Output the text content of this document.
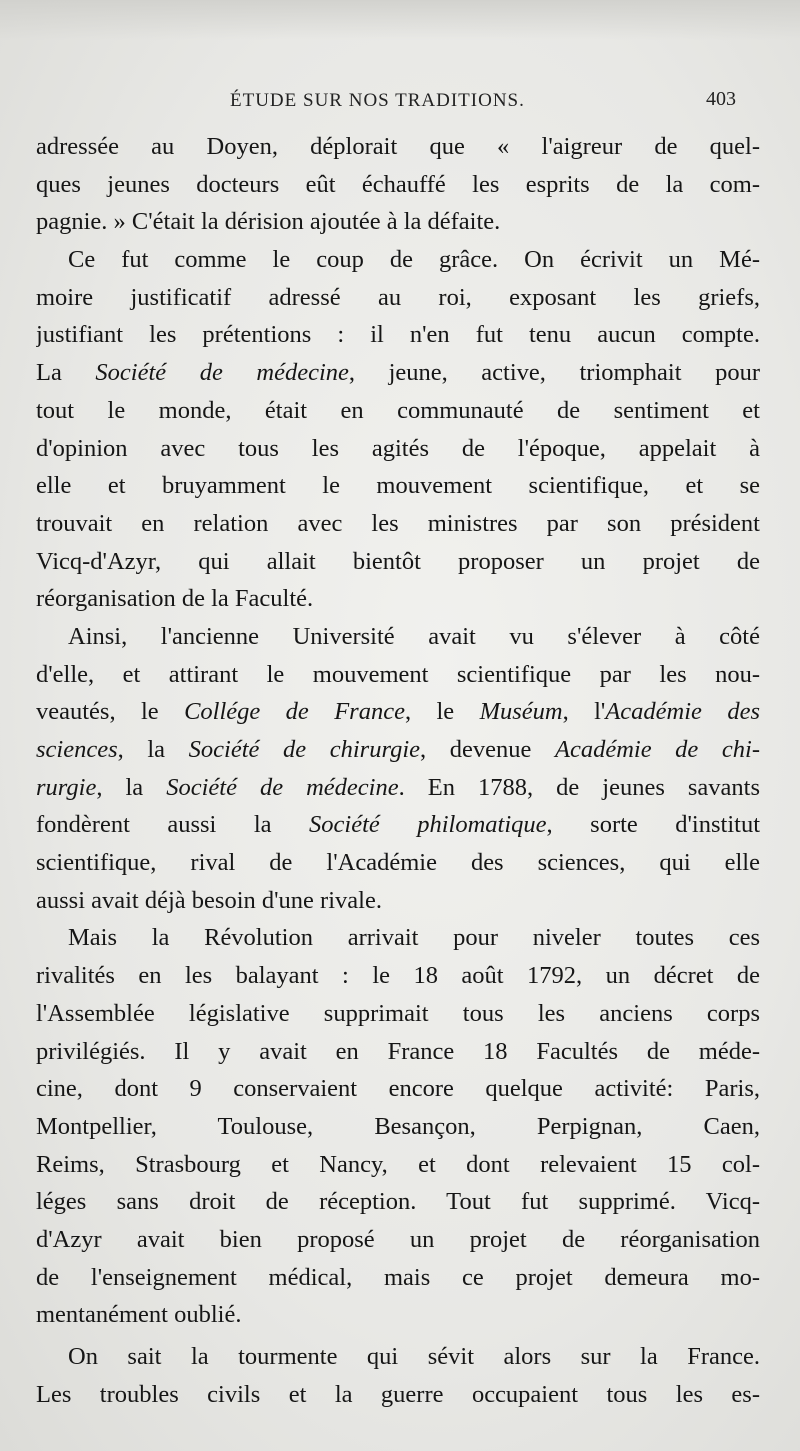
ÉTUDE SUR NOS TRADITIONS.	403
adressée au Doyen, déplorait que « l'aigreur de quel-
ques jeunes docteurs eût échauffé les esprits de la com-
pagnie. » C'était la dérision ajoutée à la défaite.
Ce fut comme le coup de grâce. On écrivit un Mé-
moire justificatif adressé au roi, exposant les griefs,
justifiant les prétentions : il n'en fut tenu aucun compte.
La Société de médecine, jeune, active, triomphait pour
tout le monde, était en communauté de sentiment et
d'opinion avec tous les agités de l'époque, appelait à
elle et bruyamment le mouvement scientifique, et se
trouvait en relation avec les ministres par son président
Vicq-d'Azyr, qui allait bientôt proposer un projet de
réorganisation de la Faculté.
Ainsi, l'ancienne Université avait vu s'élever à côté
d'elle, et attirant le mouvement scientifique par les nou-
veautés, le Collége de France, le Muséum, l'Académie des
sciences, la Société de chirurgie, devenue Académie de chi-
rurgie, la Société de médecine. En 1788, de jeunes savants
fondèrent aussi la Société philomatique, sorte d'institut
scientifique, rival de l'Académie des sciences, qui elle
aussi avait déjà besoin d'une rivale.
Mais la Révolution arrivait pour niveler toutes ces
rivalités en les balayant : le 18 août 1792, un décret de
l'Assemblée législative supprimait tous les anciens corps
privilégiés. Il y avait en France 18 Facultés de méde-
cine, dont 9 conservaient encore quelque activité: Paris,
Montpellier, Toulouse, Besançon, Perpignan, Caen,
Reims, Strasbourg et Nancy, et dont relevaient 15 col-
léges sans droit de réception. Tout fut supprimé. Vicq-
d'Azyr avait bien proposé un projet de réorganisation
de l'enseignement médical, mais ce projet demeura mo-
mentanément oublié.
On sait la tourmente qui sévit alors sur la France.
Les troubles civils et la guerre occupaient tous les es-
